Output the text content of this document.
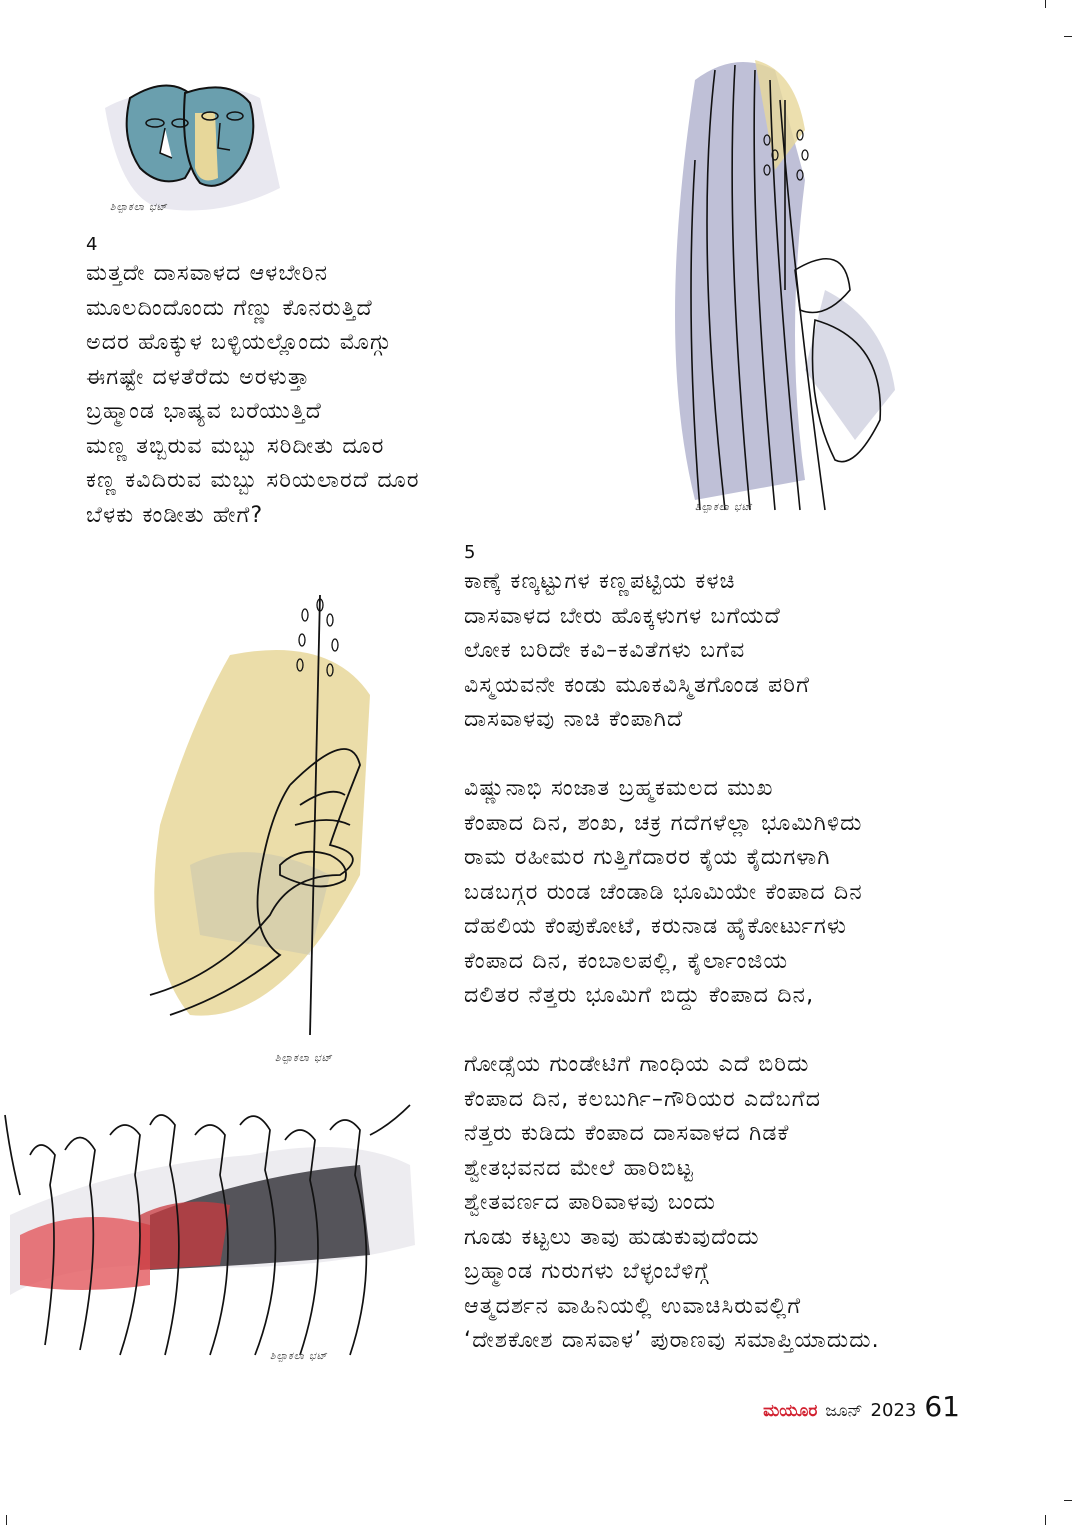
ಶಿಲ್ಪಾಕಲಾ ಭಟ್
ಶಿಲ್ಪಾಕಲಾ ಭಟ್
4
ಮತ್ತದೇ ದಾಸವಾಳದ ಆಳಬೇರಿನ
ಮೂಲದಿಂದೊಂದು ಗೆಣ್ಣು ಕೊನರುತ್ತಿದೆ
ಅದರ ಹೊಕ್ಕುಳ ಬಳ್ಳಿಯಲ್ಲೊಂದು ಮೊಗ್ಗು
ಈಗಷ್ಟೇ ದಳತೆರೆದು ಅರಳುತ್ತಾ
ಬ್ರಹ್ಮಾಂಡ ಭಾಷ್ಯವ ಬರೆಯುತ್ತಿದೆ
ಮಣ್ಣ ತಬ್ಬಿರುವ ಮಬ್ಬು ಸರಿದೀತು ದೂರ
ಕಣ್ಣ ಕವಿದಿರುವ ಮಬ್ಬು ಸರಿಯಲಾರದೆ ದೂರ
ಬೆಳಕು ಕಂಡೀತು ಹೇಗೆ?
ಶಿಲ್ಪಾಕಲಾ ಭಟ್
ಶಿಲ್ಪಾಕಲಾ ಭಟ್
5
ಕಾಣ್ಕೆ ಕಣ್ಕಟ್ಟುಗಳ ಕಣ್ಣಪಟ್ಟಿಯ ಕಳಚಿ
ದಾಸವಾಳದ ಬೇರು ಹೊಕ್ಕಳುಗಳ ಬಗೆಯದೆ
ಲೋಕ ಬರಿದೇ ಕವಿ–ಕವಿತೆಗಳು ಬಗೆವ
ವಿಸ್ಮಯವನೇ ಕಂಡು ಮೂಕವಿಸ್ಮಿತಗೊಂಡ ಪರಿಗೆ
ದಾಸವಾಳವು ನಾಚಿ ಕೆಂಪಾಗಿದೆ
ವಿಷ್ಣುನಾಭಿ ಸಂಜಾತ ಬ್ರಹ್ಮಕಮಲದ ಮುಖ
ಕೆಂಪಾದ ದಿನ, ಶಂಖ, ಚಕ್ರ ಗದೆಗಳೆಲ್ಲಾ ಭೂಮಿಗಿಳಿದು
ರಾಮ ರಹೀಮರ ಗುತ್ತಿಗೆದಾರರ ಕೈಯ ಕೈದುಗಳಾಗಿ
ಬಡಬಗ್ಗರ ರುಂಡ ಚೆಂಡಾಡಿ ಭೂಮಿಯೇ ಕೆಂಪಾದ ದಿನ
ದೆಹಲಿಯ ಕೆಂಪುಕೋಟೆ, ಕರುನಾಡ ಹೈಕೋರ್ಟುಗಳು
ಕೆಂಪಾದ ದಿನ, ಕಂಬಾಲಪಲ್ಲಿ, ಕೈರ್ಲಾಂಜಿಯ
ದಲಿತರ ನೆತ್ತರು ಭೂಮಿಗೆ ಬಿದ್ದು ಕೆಂಪಾದ ದಿನ,
ಗೋಡ್ಸೆಯ ಗುಂಡೇಟಿಗೆ ಗಾಂಧಿಯ ಎದೆ ಬಿರಿದು
ಕೆಂಪಾದ ದಿನ, ಕಲಬುರ್ಗಿ–ಗೌರಿಯರ ಎದೆಬಗೆದ
ನೆತ್ತರು ಕುಡಿದು ಕೆಂಪಾದ ದಾಸವಾಳದ ಗಿಡಕೆ
ಶ್ವೇತಭವನದ ಮೇಲೆ ಹಾರಿಬಿಟ್ಟ
ಶ್ವೇತವರ್ಣದ ಪಾರಿವಾಳವು ಬಂದು
ಗೂಡು ಕಟ್ಟಲು ತಾವು ಹುಡುಕುವುದೆಂದು
ಬ್ರಹ್ಮಾಂಡ ಗುರುಗಳು ಬೆಳ್ಳಂಬೆಳಿಗ್ಗೆ
ಆತ್ಮದರ್ಶನ ವಾಹಿನಿಯಲ್ಲಿ ಉವಾಚಿಸಿರುವಲ್ಲಿಗೆ
‘ದೇಶಕೋಶ ದಾಸವಾಳ’ ಪುರಾಣವು ಸಮಾಪ್ತಿಯಾದುದು.
ಮಯೂರ ಜೂನ್ 2023 61
